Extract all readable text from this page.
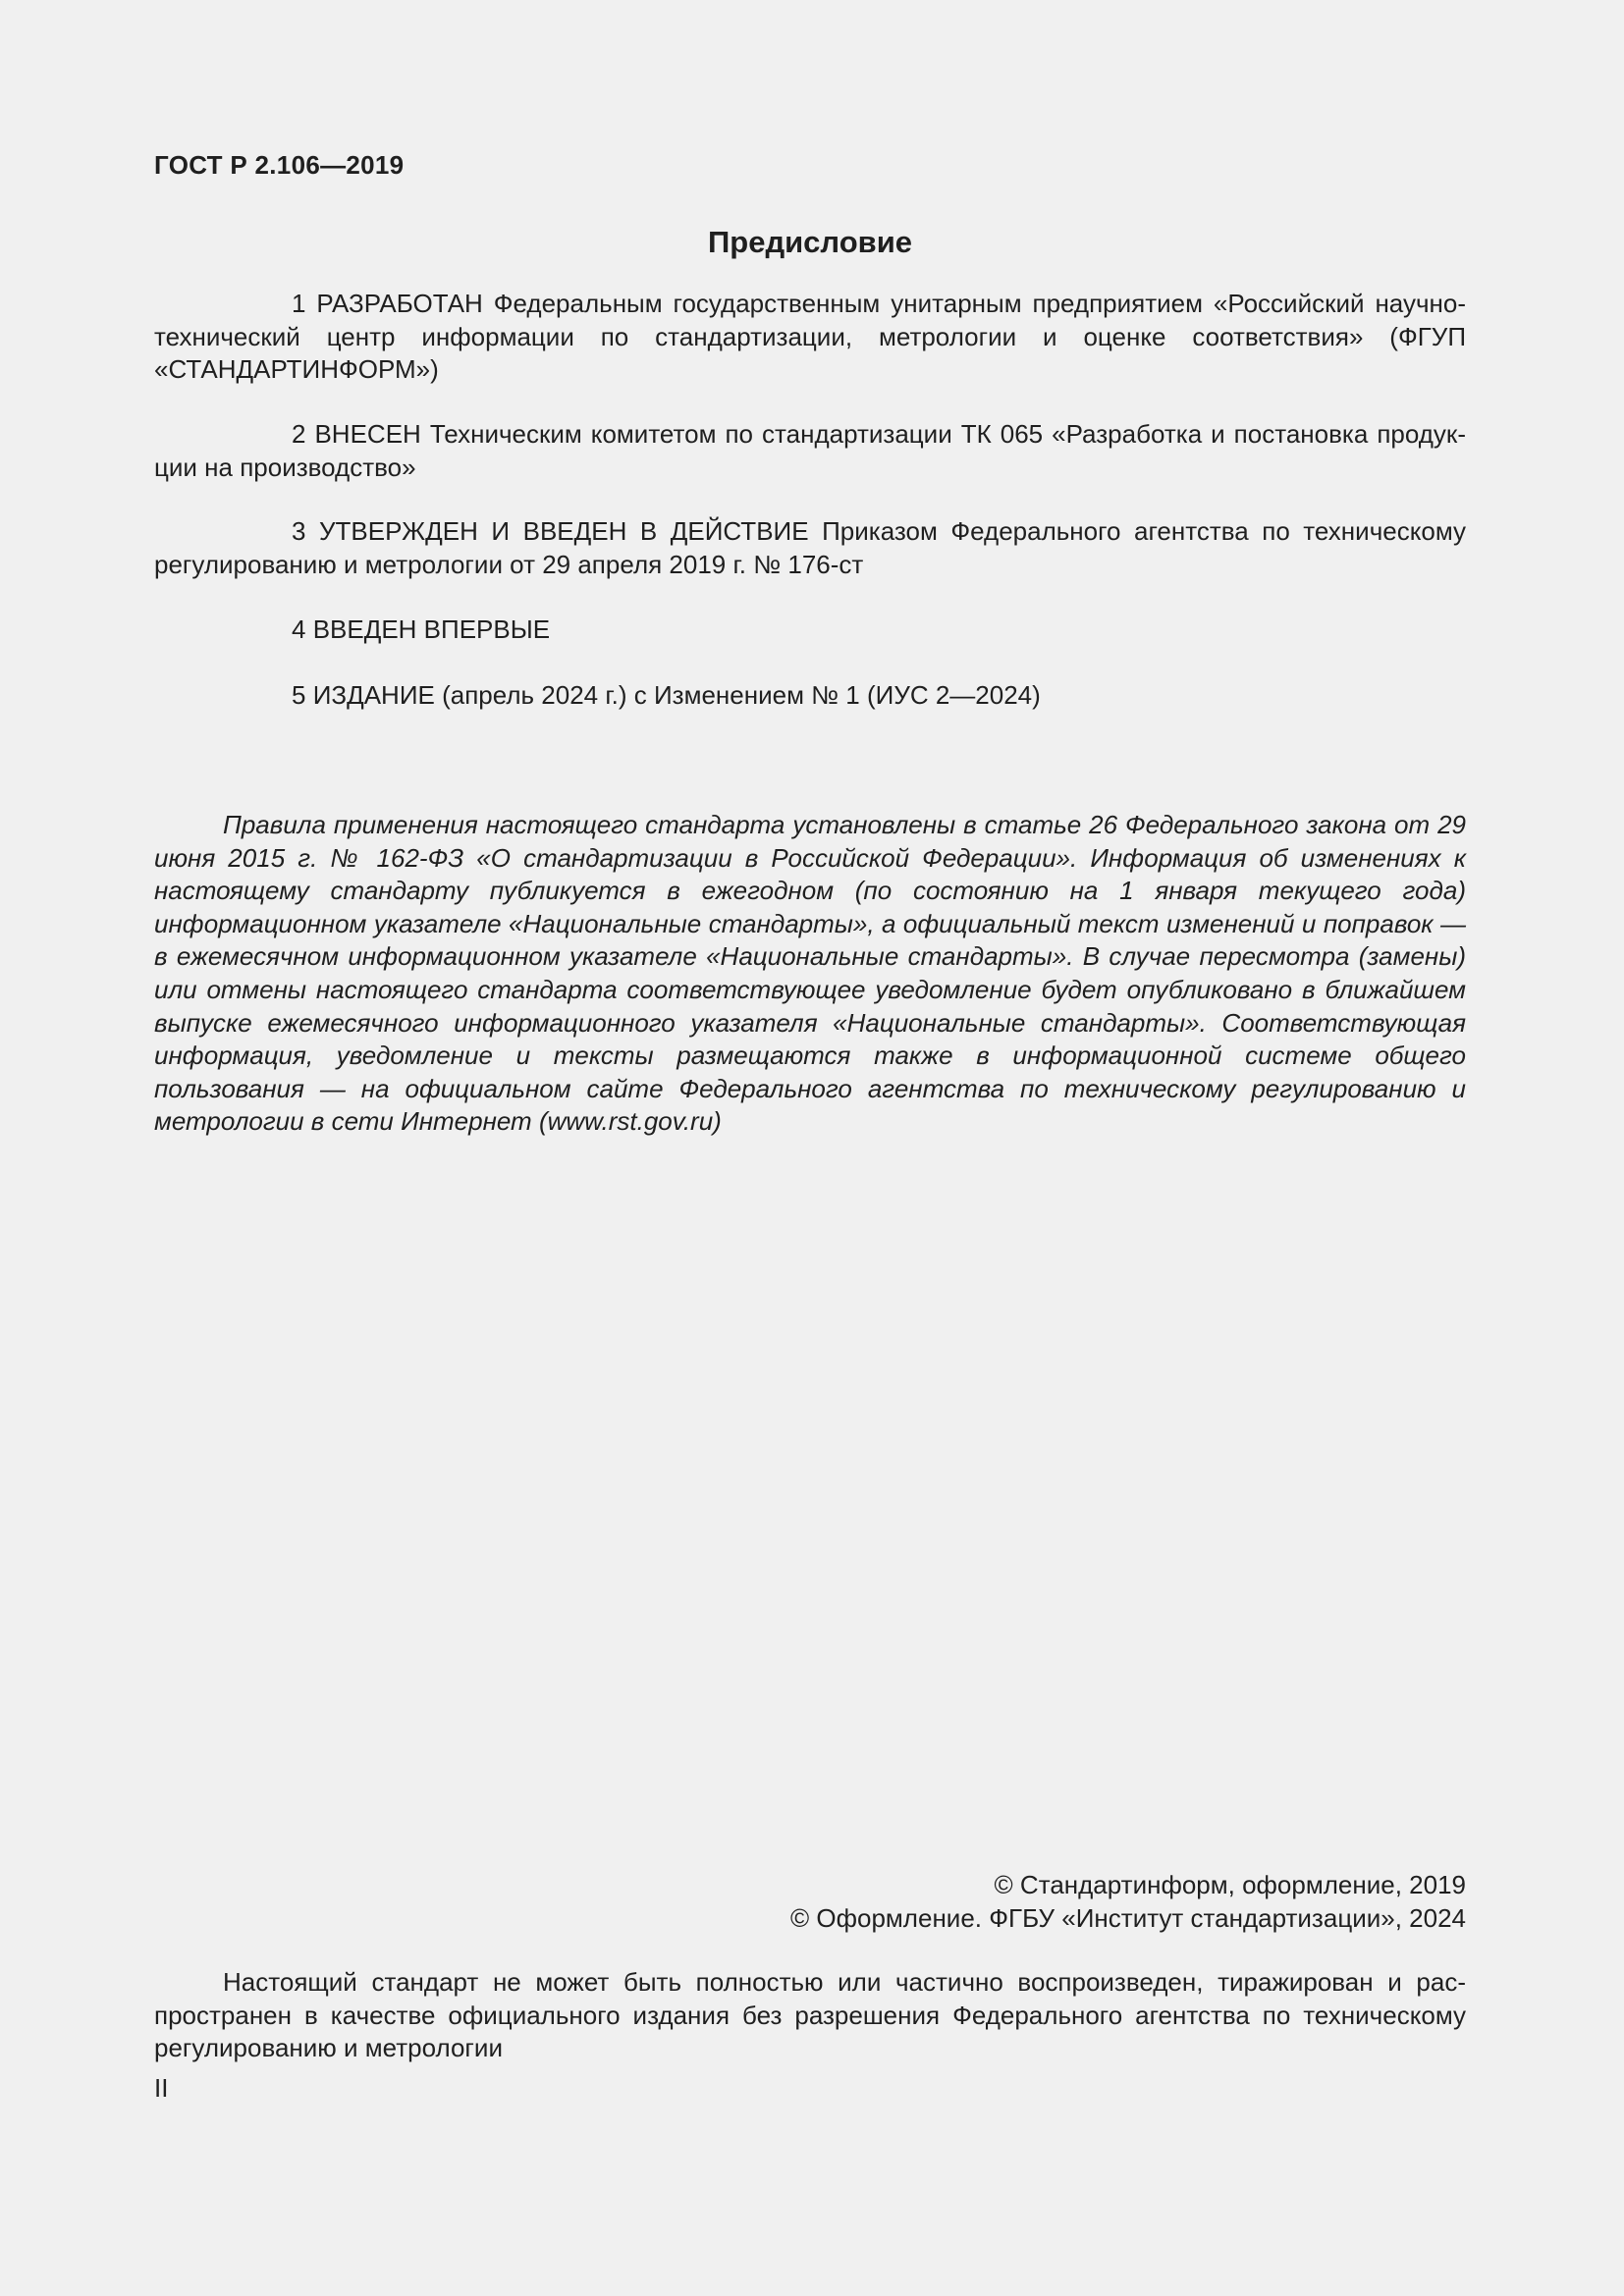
ГОСТ Р 2.106—2019
Предисловие

1 РАЗРАБОТАН Федеральным государственным унитарным предприятием «Российский научно-технический центр информации по стандартизации, метрологии и оценке соответствия» (ФГУП «СТАНДАРТИНФОРМ»)

2 ВНЕСЕН Техническим комитетом по стандартизации ТК 065 «Разработка и постановка продукции на производство»

3 УТВЕРЖДЕН И ВВЕДЕН В ДЕЙСТВИЕ Приказом Федерального агентства по техническому регулированию и метрологии от 29 апреля 2019 г. № 176-ст

4 ВВЕДЕН ВПЕРВЫЕ

5 ИЗДАНИЕ (апрель 2024 г.) с Изменением № 1 (ИУС 2—2024)

Правила применения настоящего стандарта установлены в статье 26 Федерального закона от 29 июня 2015 г. № 162-ФЗ «О стандартизации в Российской Федерации». Информация об изменениях к настоящему стандарту публикуется в ежегодном (по состоянию на 1 января текущего года) информационном указателе «Национальные стандарты», а официальный текст изменений и поправок — в ежемесячном информационном указателе «Национальные стандарты». В случае пересмотра (замены) или отмены настоящего стандарта соответствующее уведомление будет опубликовано в ближайшем выпуске ежемесячного информационного указателя «Национальные стандарты». Соответствующая информация, уведомление и тексты размещаются также в информационной системе общего пользования — на официальном сайте Федерального агентства по техническому регулированию и метрологии в сети Интернет (www.rst.gov.ru)

© Стандартинформ, оформление, 2019
© Оформление. ФГБУ «Институт стандартизации», 2024

Настоящий стандарт не может быть полностью или частично воспроизведен, тиражирован и распространен в качестве официального издания без разрешения Федерального агентства по техническому регулированию и метрологии

II
